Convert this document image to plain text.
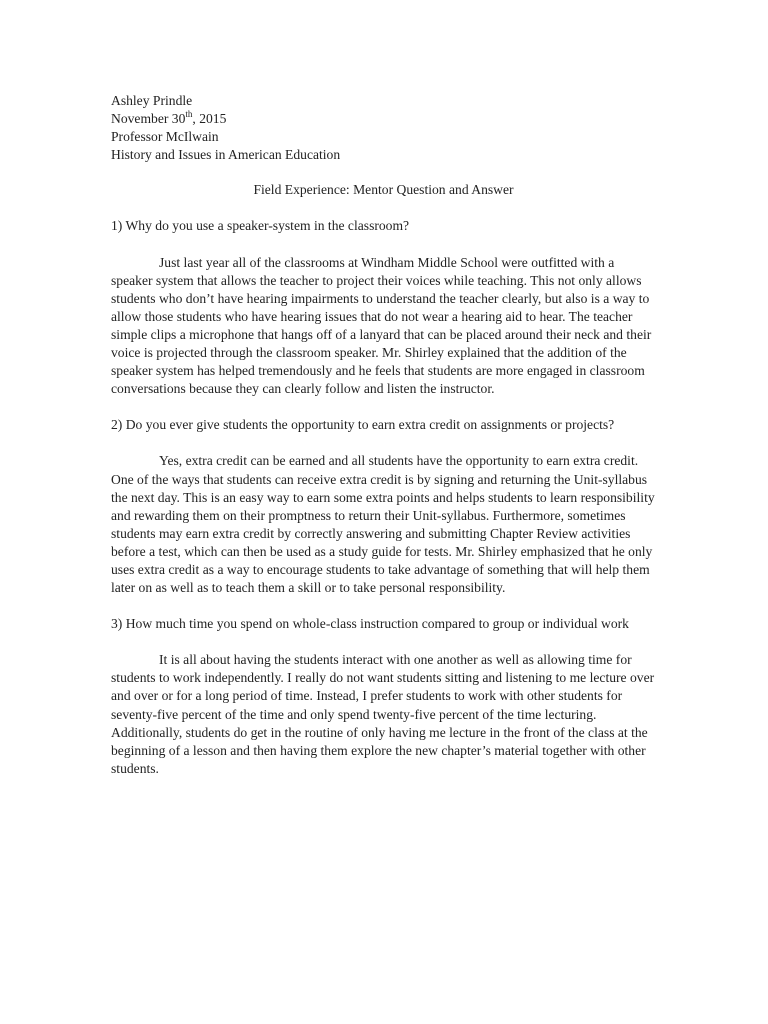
Ashley Prindle

November 30th, 2015

Professor McIlwain

History and Issues in American Education

Field Experience: Mentor Question and Answer

1) Why do you use a speaker-system in the classroom?

Just last year all of the classrooms at Windham Middle School were outfitted with a speaker system that allows the teacher to project their voices while teaching. This not only allows students who don’t have hearing impairments to understand the teacher clearly, but also is a way to allow those students who have hearing issues that do not wear a hearing aid to hear. The teacher simple clips a microphone that hangs off of a lanyard that can be placed around their neck and their voice is projected through the classroom speaker. Mr. Shirley explained that the addition of the speaker system has helped tremendously and he feels that students are more engaged in classroom conversations because they can clearly follow and listen the instructor.

2) Do you ever give students the opportunity to earn extra credit on assignments or projects?

Yes, extra credit can be earned and all students have the opportunity to earn extra credit. One of the ways that students can receive extra credit is by signing and returning the Unit-syllabus the next day. This is an easy way to earn some extra points and helps students to learn responsibility and rewarding them on their promptness to return their Unit-syllabus. Furthermore, sometimes students may earn extra credit by correctly answering and submitting Chapter Review activities before a test, which can then be used as a study guide for tests. Mr. Shirley emphasized that he only uses extra credit as a way to encourage students to take advantage of something that will help them later on as well as to teach them a skill or to take personal responsibility.

3) How much time you spend on whole-class instruction compared to group or individual work

It is all about having the students interact with one another as well as allowing time for students to work independently. I really do not want students sitting and listening to me lecture over and over or for a long period of time. Instead, I prefer students to work with other students for seventy-five percent of the time and only spend twenty-five percent of the time lecturing. Additionally, students do get in the routine of only having me lecture in the front of the class at the beginning of a lesson and then having them explore the new chapter’s material together with other students.
